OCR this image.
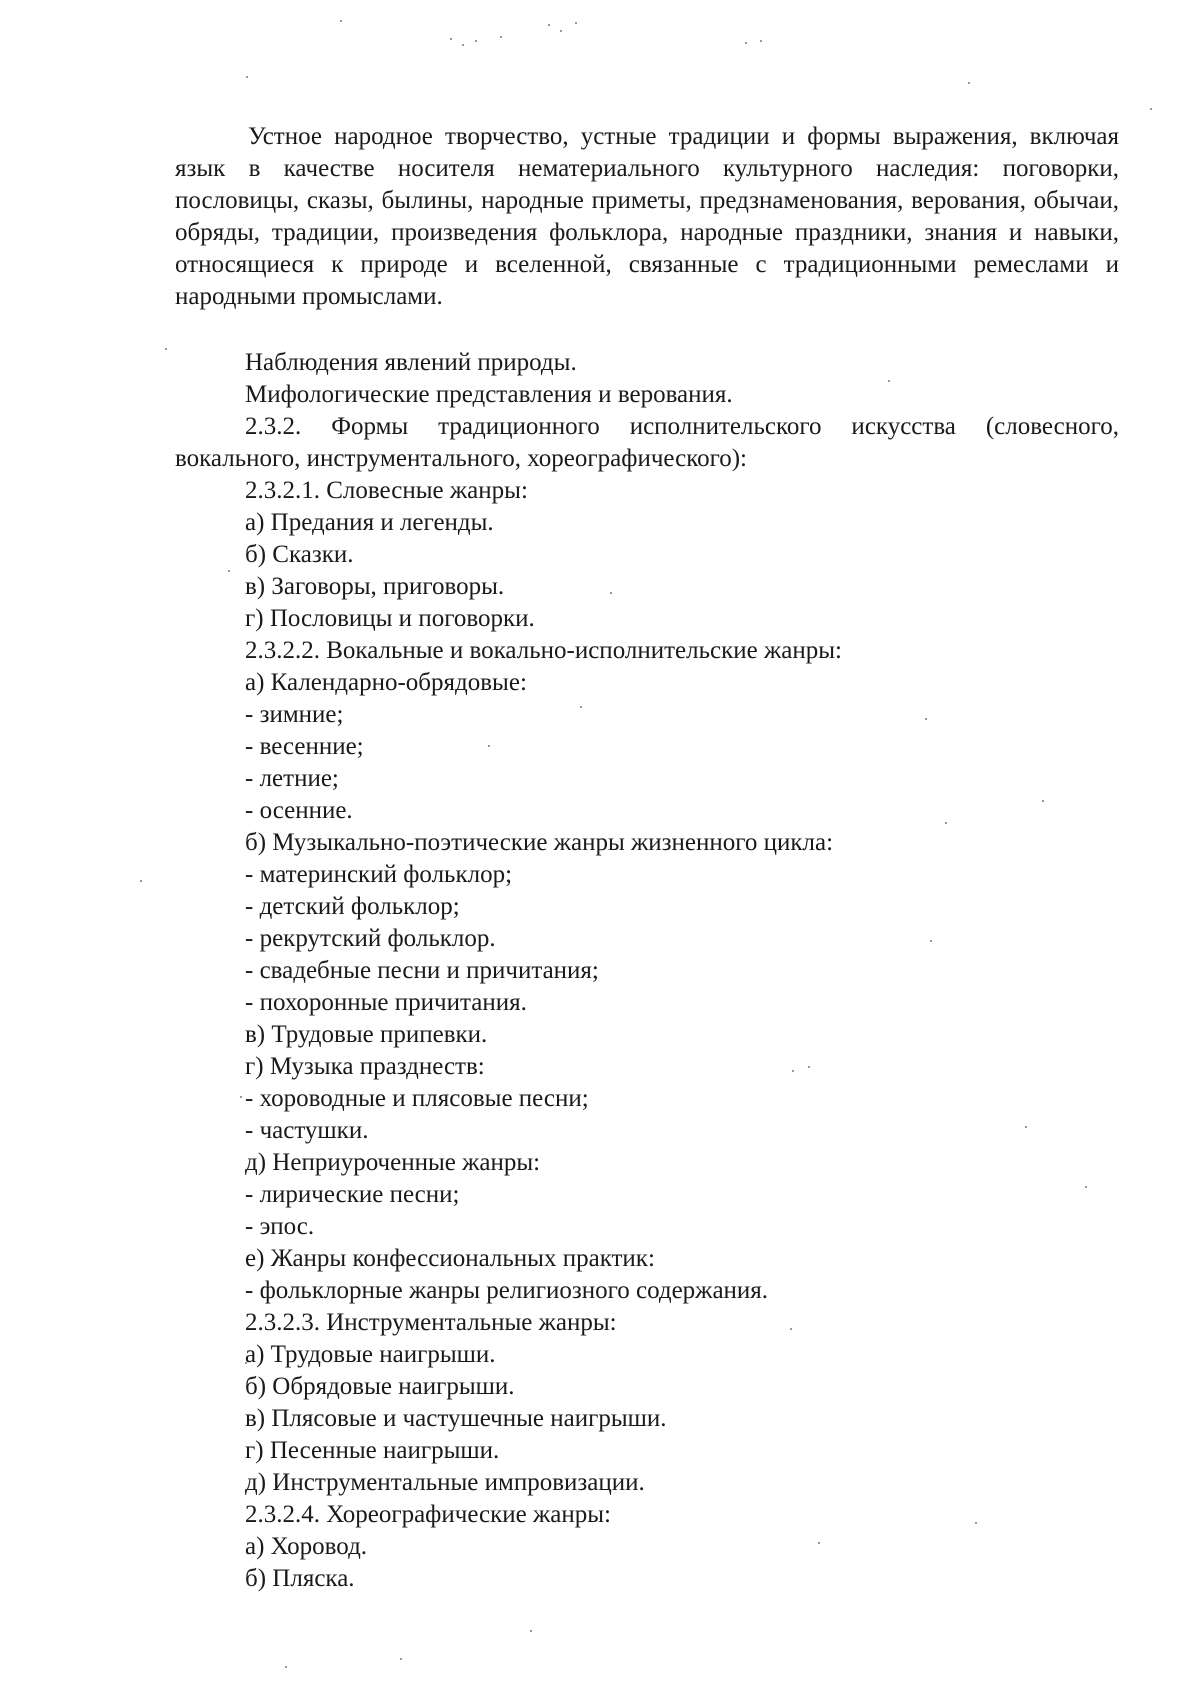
Устное народное творчество, устные традиции и формы выражения, включая язык в качестве носителя нематериального культурного наследия: поговорки, пословицы, сказы, былины, народные приметы, предзнаменования, верования, обычаи, обряды, традиции, произведения фольклора, народные праздники, знания и навыки, относящиеся к природе и вселенной, связанные с традиционными ремеслами и народными промыслами.

Наблюдения явлений природы.
Мифологические представления и верования.
2.3.2. Формы традиционного исполнительского искусства (словесного, вокального, инструментального, хореографического):
2.3.2.1. Словесные жанры:
а) Предания и легенды.
б) Сказки.
в) Заговоры, приговоры.
г) Пословицы и поговорки.
2.3.2.2. Вокальные и вокально-исполнительские жанры:
а) Календарно-обрядовые:
- зимние;
- весенние;
- летние;
- осенние.
б) Музыкально-поэтические жанры жизненного цикла:
- материнский фольклор;
- детский фольклор;
- рекрутский фольклор.
- свадебные песни и причитания;
- похоронные причитания.
в) Трудовые припевки.
г) Музыка празднеств:
- хороводные и плясовые песни;
- частушки.
д) Неприуроченные жанры:
- лирические песни;
- эпос.
е) Жанры конфессиональных практик:
- фольклорные жанры религиозного содержания.
2.3.2.3. Инструментальные жанры:
а) Трудовые наигрыши.
б) Обрядовые наигрыши.
в) Плясовые и частушечные наигрыши.
г) Песенные наигрыши.
д) Инструментальные импровизации.
2.3.2.4. Хореографические жанры:
а) Хоровод.
б) Пляска.
